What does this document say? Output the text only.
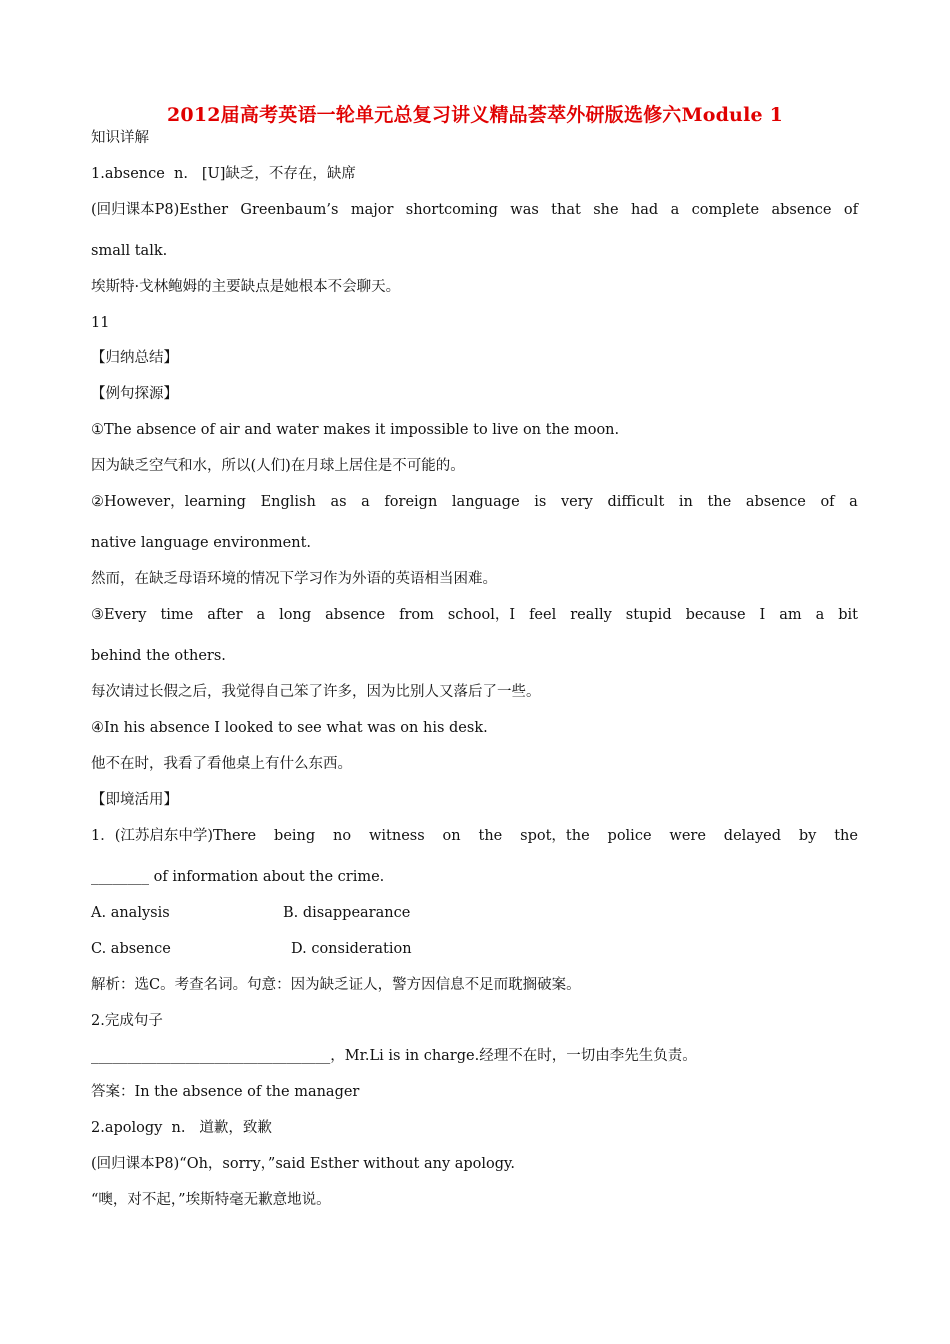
2012届高考英语一轮单元总复习讲义精品荟萃外研版选修六Module 1
知识详解
1.absence  n.   [U]缺乏，不存在，缺席
(回归课本P8)Esther Greenbaum’s major shortcoming was that she had a complete absence of
small talk.
埃斯特·戈林鲍姆的主要缺点是她根本不会聊天。
11
【归纳总结】
【例句探源】
①The absence of air and water makes it impossible to live on the moon.
因为缺乏空气和水，所以(人们)在月球上居住是不可能的。
②However，learning English as a foreign language is very difficult in the absence of a
native language environment.
然而，在缺乏母语环境的情况下学习作为外语的英语相当困难。
③Every time after a long absence from school，I feel really stupid because I am a bit
behind the others.
每次请过长假之后，我觉得自己笨了许多，因为比别人又落后了一些。
④In his absence I looked to see what was on his desk.
他不在时，我看了看他桌上有什么东西。
【即境活用】
1．(江苏启东中学)There being no witness on the spot，the police were delayed by the
________ of information about the crime.
A. analysis	B. disappearance
C. absence	D. consideration
解析：选C。考查名词。句意：因为缺乏证人，警方因信息不足而耽搁破案。
2.完成句子
_________________________________，Mr.Li is in charge.经理不在时，一切由李先生负责。
答案：In the absence of the manager
2.apology  n.   道歉，致歉
(回归课本P8)“Oh，sorry，”said Esther without any apology.
“噢，对不起，”埃斯特毫无歉意地说。
